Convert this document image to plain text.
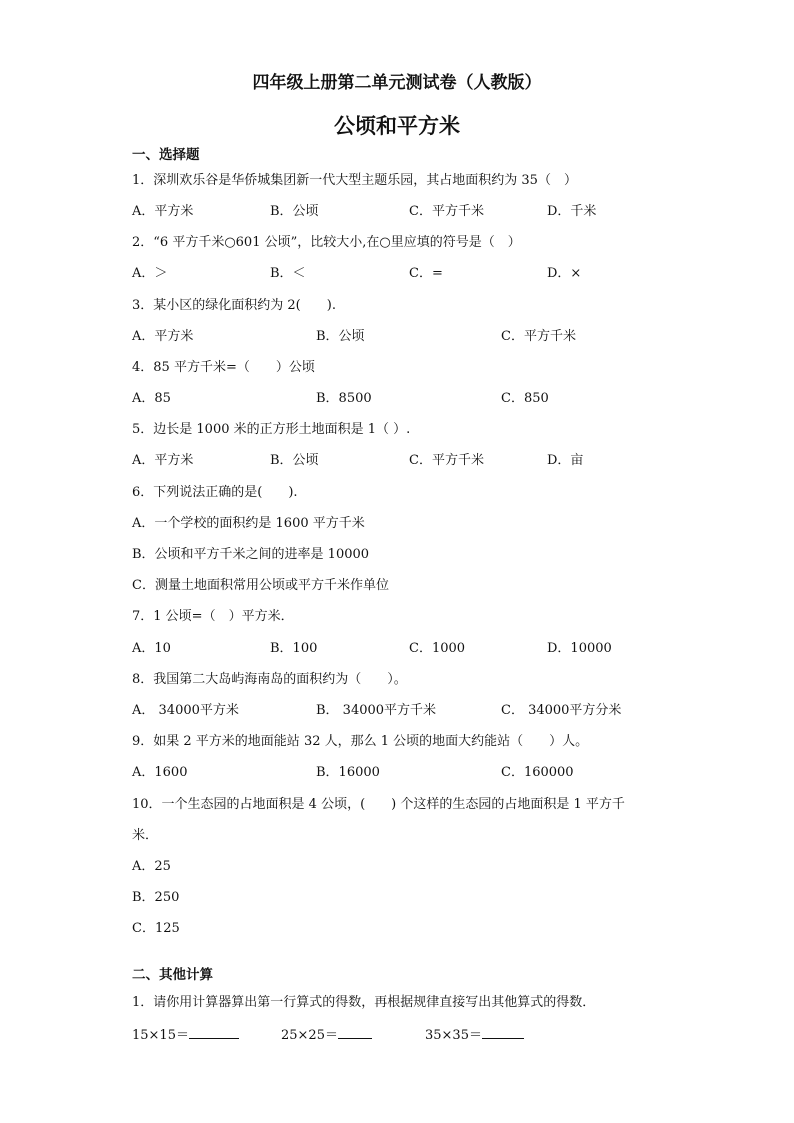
四年级上册第二单元测试卷（人教版）
公顷和平方米
一、选择题
1．深圳欢乐谷是华侨城集团新一代大型主题乐园，其占地面积约为 35（　）
A．平方米	B．公顷	C．平方千米	D．千米
2．“6 平方千米○601 公顷”，比较大小,在○里应填的符号是（　）
A．＞	B．＜	C．=	D．×
3．某小区的绿化面积约为 2(　　).
A．平方米	B．公顷	C．平方千米
4．85 平方千米=（　　）公顷
A．85	B．8500	C．850
5．边长是 1000 米的正方形土地面积是 1（ ）.
A．平方米	B．公顷	C．平方千米	D．亩
6．下列说法正确的是(　　).
A．一个学校的面积约是 1600 平方千米
B．公顷和平方千米之间的进率是 10000
C．测量土地面积常用公顷或平方千米作单位
7．1 公顷=（　）平方米．
A．10	B．100	C．1000	D．10000
8．我国第二大岛屿海南岛的面积约为（　　）。
A． 34000平方米	B． 34000平方千米	C． 34000平方分米
9．如果 2 平方米的地面能站 32 人，那么 1 公顷的地面大约能站（　　）人。
A．1600	B．16000	C．160000
10．一个生态园的占地面积是 4 公顷，(　　) 个这样的生态园的占地面积是 1 平方千
米．
A．25
B．250
C．125
二、其他计算
1．请你用计算器算出第一行算式的得数，再根据规律直接写出其他算式的得数．
15×15＝	25×25＝	35×35＝
